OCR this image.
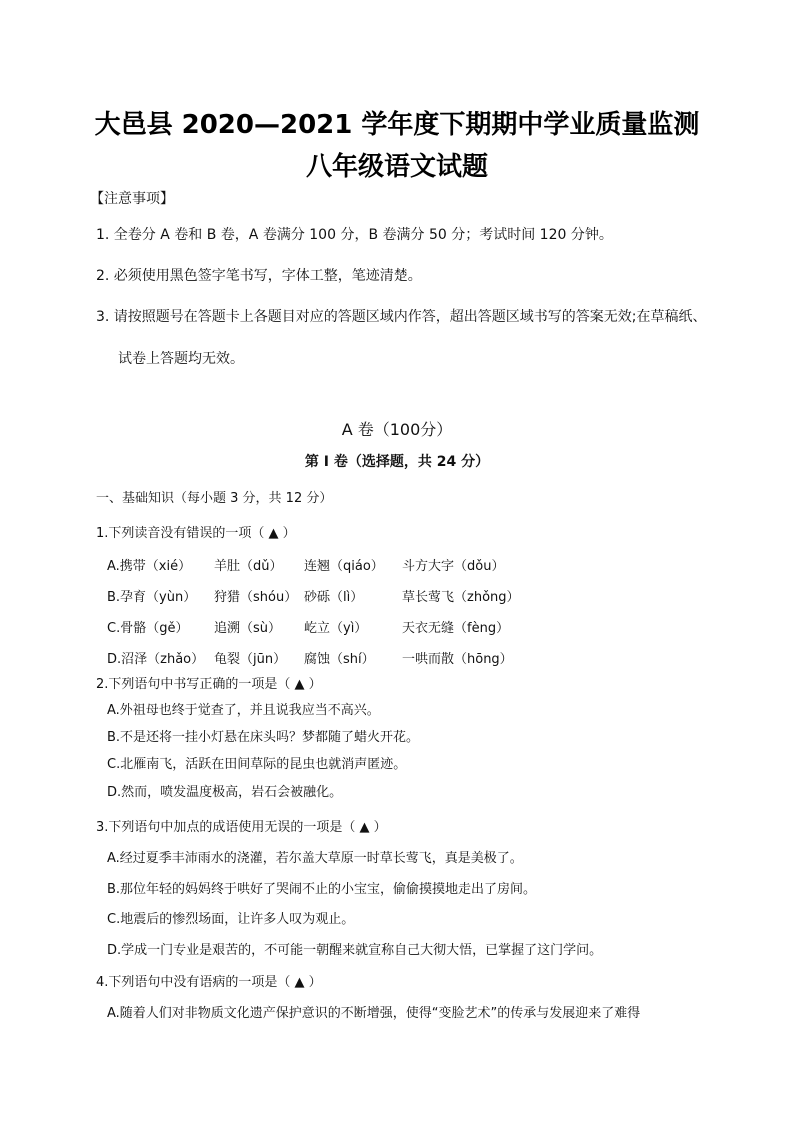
大邑县 2020—2021 学年度下期期中学业质量监测
八年级语文试题
【注意事项】
1. 全卷分 A 卷和 B 卷，A 卷满分 100 分，B 卷满分 50 分；考试时间 120 分钟。
2. 必须使用黑色签字笔书写，字体工整，笔迹清楚。
3. 请按照题号在答题卡上各题目对应的答题区域内作答，超出答题区域书写的答案无效;在草稿纸、
试卷上答题均无效。
A 卷（100分）
第 I 卷（选择题，共 24 分）
一、基础知识（每小题 3 分，共 12 分）
1.下列读音没有错误的一项（ ▲ ）
A.携带（xié） 羊肚（dǔ） 连翘（qiáo） 斗方大字（dǒu）
B.孕育（yùn） 狩猎（shóu） 砂砾（lì）	草长莺飞（zhǒng）
C.骨骼（gě） 追溯（sù） 屹立（yì）	天衣无缝（fèng）
D.沼泽（zhǎo） 龟裂（jūn） 腐蚀（shí） 一哄而散（hōng）
2.下列语句中书写正确的一项是（ ▲ ）
A.外祖母也终于觉查了，并且说我应当不高兴。
B.不是还将一挂小灯悬在床头吗？梦都随了蜡火开花。
C.北雁南飞，活跃在田间草际的昆虫也就消声匿迹。
D.然而，喷发温度极高，岩石会被融化。
3.下列语句中加点的成语使用无误的一项是（ ▲ ）
A.经过夏季丰沛雨水的浇灌，若尔盖大草原一时草长莺飞，真是美极了。
B.那位年轻的妈妈终于哄好了哭闹不止的小宝宝，偷偷摸摸地走出了房间。
C.地震后的惨烈场面，让许多人叹为观止。
D.学成一门专业是艰苦的，不可能一朝醒来就宣称自己大彻大悟，已掌握了这门学问。
4.下列语句中没有语病的一项是（ ▲ ）
A.随着人们对非物质文化遗产保护意识的不断增强，使得“变脸艺术”的传承与发展迎来了难得
